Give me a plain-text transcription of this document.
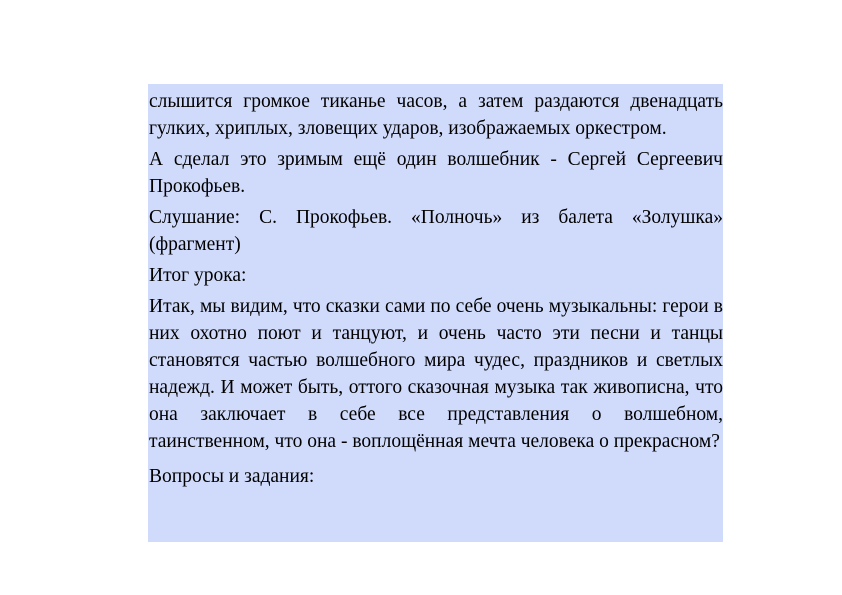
слышится громкое тиканье часов, а затем раздаются двенадцать гулких, хриплых, зловещих ударов, изображаемых оркестром.

А сделал это зримым ещё один волшебник - Сергей Сергеевич Прокофьев.

Слушание: С. Прокофьев. «Полночь» из балета «Золушка» (фрагмент)

Итог урока:

Итак, мы видим, что сказки сами по себе очень музыкальны: герои в них охотно поют и танцуют, и очень часто эти песни и танцы становятся частью волшебного мира чудес, праздников и светлых надежд. И может быть, оттого сказочная музыка так живописна, что она заключает в себе все представления о волшебном, таинственном, что она - воплощённая мечта человека о прекрасном?

Вопросы и задания:
